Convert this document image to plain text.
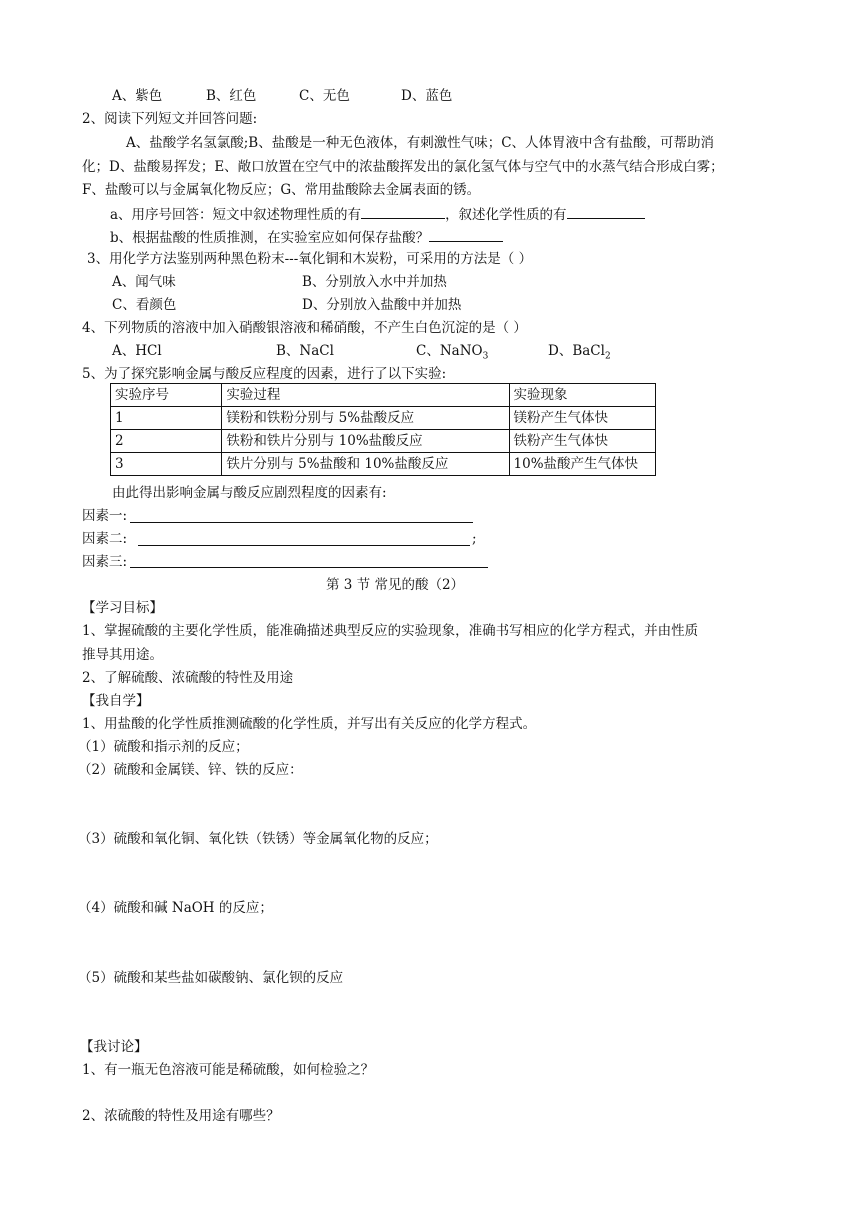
A、紫色	B、红色	C、无色	D、蓝色
2、阅读下列短文并回答问题:
A、盐酸学名氢氯酸;B、盐酸是一种无色液体，有刺激性气味；C、人体胃液中含有盐酸，可帮助消
化；D、盐酸易挥发；E、敞口放置在空气中的浓盐酸挥发出的氯化氢气体与空气中的水蒸气结合形成白雾；
F、盐酸可以与金属氧化物反应；G、常用盐酸除去金属表面的锈。
a、用序号回答：短文中叙述物理性质的有	，叙述化学性质的有
b、根据盐酸的性质推测，在实验室应如何保存盐酸？
3、用化学方法鉴别两种黑色粉末---氧化铜和木炭粉，可采用的方法是（ ）
A、闻气味	B、分别放入水中并加热
C、看颜色	D、分别放入盐酸中并加热
4、下列物质的溶液中加入硝酸银溶液和稀硝酸，不产生白色沉淀的是（ ）
A、HCl	B、NaCl	C、NaNO$_3$	D、BaCl$_2$
5、为了探究影响金属与酸反应程度的因素，进行了以下实验:
实验序号	实验过程	实验现象
1	镁粉和铁粉分别与 5%盐酸反应	镁粉产生气体快
2	铁粉和铁片分别与 10%盐酸反应	铁粉产生气体快
3	铁片分别与 5%盐酸和 10%盐酸反应	10%盐酸产生气体快
由此得出影响金属与酸反应剧烈程度的因素有:
因素一:
因素二:	;
因素三:
第 3 节 常见的酸（2）
【学习目标】
1、掌握硫酸的主要化学性质，能准确描述典型反应的实验现象，准确书写相应的化学方程式，并由性质
推导其用途。
2、了解硫酸、浓硫酸的特性及用途
【我自学】
1、用盐酸的化学性质推测硫酸的化学性质，并写出有关反应的化学方程式。
（1）硫酸和指示剂的反应；
（2）硫酸和金属镁、锌、铁的反应：
（3）硫酸和氧化铜、氧化铁（铁锈）等金属氧化物的反应；
（4）硫酸和碱 NaOH 的反应；
（5）硫酸和某些盐如碳酸钠、氯化钡的反应
【我讨论】
1、有一瓶无色溶液可能是稀硫酸，如何检验之？
2、浓硫酸的特性及用途有哪些？
